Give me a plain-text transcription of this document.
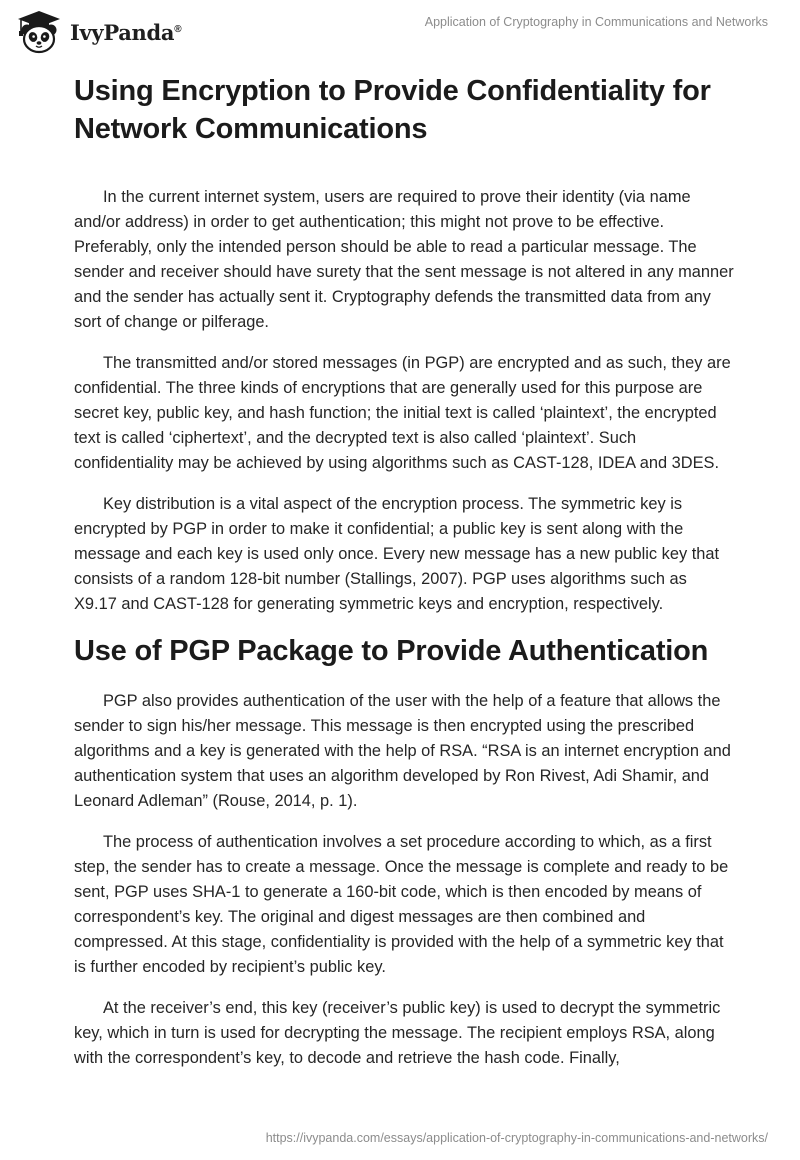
IvyPanda®	Application of Cryptography in Communications and Networks
Using Encryption to Provide Confidentiality for Network Communications

In the current internet system, users are required to prove their identity (via name and/or address) in order to get authentication; this might not prove to be effective. Preferably, only the intended person should be able to read a particular message. The sender and receiver should have surety that the sent message is not altered in any manner and the sender has actually sent it. Cryptography defends the transmitted data from any sort of change or pilferage.

The transmitted and/or stored messages (in PGP) are encrypted and as such, they are confidential. The three kinds of encryptions that are generally used for this purpose are secret key, public key, and hash function; the initial text is called ‘plaintext’, the encrypted text is called ‘ciphertext’, and the decrypted text is also called ‘plaintext’. Such confidentiality may be achieved by using algorithms such as CAST-128, IDEA and 3DES.

Key distribution is a vital aspect of the encryption process. The symmetric key is encrypted by PGP in order to make it confidential; a public key is sent along with the message and each key is used only once. Every new message has a new public key that consists of a random 128-bit number (Stallings, 2007). PGP uses algorithms such as X9.17 and CAST-128 for generating symmetric keys and encryption, respectively.

Use of PGP Package to Provide Authentication

PGP also provides authentication of the user with the help of a feature that allows the sender to sign his/her message. This message is then encrypted using the prescribed algorithms and a key is generated with the help of RSA. “RSA is an internet encryption and authentication system that uses an algorithm developed by Ron Rivest, Adi Shamir, and Leonard Adleman” (Rouse, 2014, p. 1).

The process of authentication involves a set procedure according to which, as a first step, the sender has to create a message. Once the message is complete and ready to be sent, PGP uses SHA-1 to generate a 160-bit code, which is then encoded by means of correspondent’s key. The original and digest messages are then combined and compressed. At this stage, confidentiality is provided with the help of a symmetric key that is further encoded by recipient’s public key.

At the receiver’s end, this key (receiver’s public key) is used to decrypt the symmetric key, which in turn is used for decrypting the message. The recipient employs RSA, along with the correspondent’s key, to decode and retrieve the hash code. Finally,

https://ivypanda.com/essays/application-of-cryptography-in-communications-and-networks/
